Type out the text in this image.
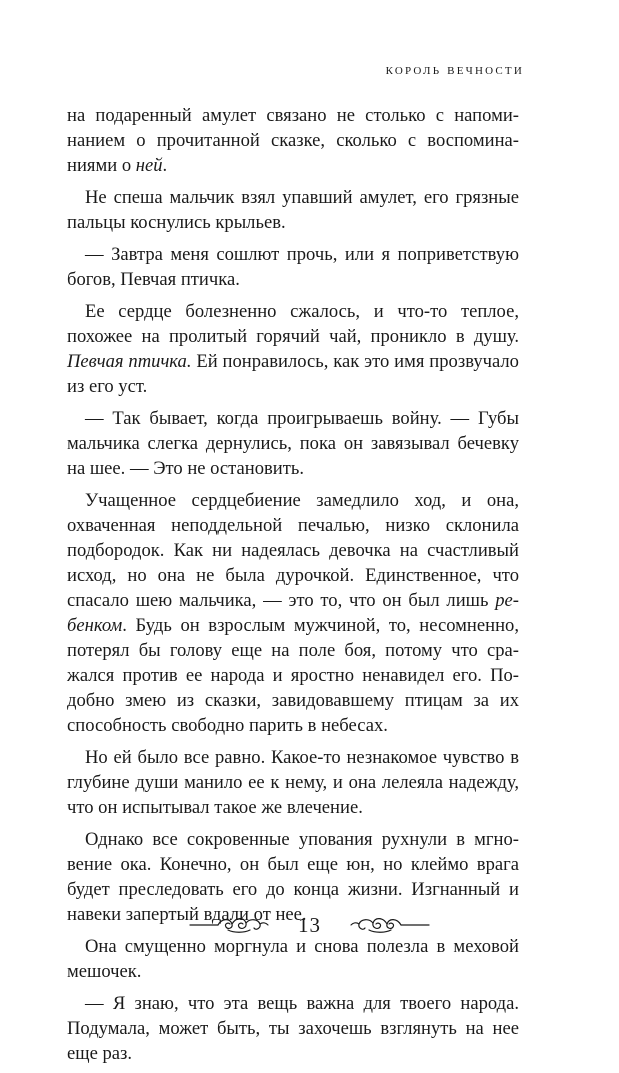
король вечности

на подаренный амулет связано не столько с напоминанием о прочитанной сказке, сколько с воспоминаниями о ней.

Не спеша мальчик взял упавший амулет, его грязные пальцы коснулись крыльев.

— Завтра меня сошлют прочь, или я поприветствую богов, Певчая птичка.

Ее сердце болезненно сжалось, и что-то теплое, похожее на пролитый горячий чай, проникло в душу. Певчая птичка. Ей понравилось, как это имя прозвучало из его уст.

— Так бывает, когда проигрываешь войну. — Губы мальчика слегка дернулись, пока он завязывал бечевку на шее. — Это не остановить.

Учащенное сердцебиение замедлило ход, и она, охваченная неподдельной печалью, низко склонила подбородок. Как ни надеялась девочка на счастливый исход, но она не была дурочкой. Единственное, что спасало шею мальчика, — это то, что он был лишь ребенком. Будь он взрослым мужчиной, то, несомненно, потерял бы голову еще на поле боя, потому что сражался против ее народа и яростно ненавидел его. Подобно змею из сказки, завидовавшему птицам за их способность свободно парить в небесах.

Но ей было все равно. Какое-то незнакомое чувство в глубине души манило ее к нему, и она лелеяла надежду, что он испытывал такое же влечение.

Однако все сокровенные упования рухнули в мгновение ока. Конечно, он был еще юн, но клеймо врага будет преследовать его до конца жизни. Изгнанный и навеки запертый вдали от нее.

Она смущенно моргнула и снова полезла в меховой мешочек.

— Я знаю, что эта вещь важна для твоего народа. Подумала, может быть, ты захочешь взглянуть на нее еще раз.

13
